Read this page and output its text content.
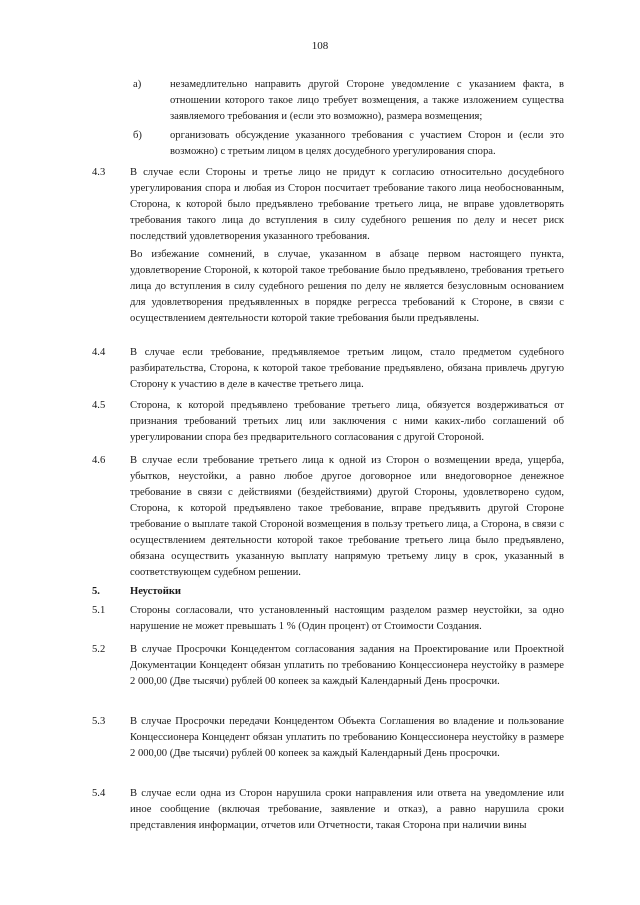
108
а)	незамедлительно направить другой Стороне уведомление с указанием факта, в отношении которого такое лицо требует возмещения, а также изложением существа заявляемого требования и (если это возможно), размера возмещения;
б)	организовать обсуждение указанного требования с участием Сторон и (если это возможно) с третьим лицом в целях досудебного урегулирования спора.
4.3 В случае если Стороны и третье лицо не придут к согласию относительно досудебного урегулирования спора и любая из Сторон посчитает требование такого лица необоснованным, Сторона, к которой было предъявлено требование третьего лица, не вправе удовлетворять требования такого лица до вступления в силу судебного решения по делу и несет риск последствий удовлетворения указанного требования.
Во избежание сомнений, в случае, указанном в абзаце первом настоящего пункта, удовлетворение Стороной, к которой такое требование было предъявлено, требования третьего лица до вступления в силу судебного решения по делу не является безусловным основанием для удовлетворения предъявленных в порядке регресса требований к Стороне, в связи с осуществлением деятельности которой такие требования были предъявлены.
4.4 В случае если требование, предъявляемое третьим лицом, стало предметом судебного разбирательства, Сторона, к которой такое требование предъявлено, обязана привлечь другую Сторону к участию в деле в качестве третьего лица.
4.5 Сторона, к которой предъявлено требование третьего лица, обязуется воздерживаться от признания требований третьих лиц или заключения с ними каких-либо соглашений об урегулировании спора без предварительного согласования с другой Стороной.
4.6 В случае если требование третьего лица к одной из Сторон о возмещении вреда, ущерба, убытков, неустойки, а равно любое другое договорное или внедоговорное денежное требование в связи с действиями (бездействиями) другой Стороны, удовлетворено судом, Сторона, к которой предъявлено такое требование, вправе предъявить другой Стороне требование о выплате такой Стороной возмещения в пользу третьего лица, а Сторона, в связи с осуществлением деятельности которой такое требование третьего лица было предъявлено, обязана осуществить указанную выплату напрямую третьему лицу в срок, указанный в соответствующем судебном решении.
5.	Неустойки
5.1 Стороны согласовали, что установленный настоящим разделом размер неустойки, за одно нарушение не может превышать 1 % (Один процент) от Стоимости Создания.
5.2 В случае Просрочки Концедентом согласования задания на Проектирование или Проектной Документации Концедент обязан уплатить по требованию Концессионера неустойку в размере 2 000,00 (Две тысячи) рублей 00 копеек за каждый Календарный День просрочки.
5.3 В случае Просрочки передачи Концедентом Объекта Соглашения во владение и пользование Концессионера Концедент обязан уплатить по требованию Концессионера неустойку в размере 2 000,00 (Две тысячи) рублей 00 копеек за каждый Календарный День просрочки.
5.4 В случае если одна из Сторон нарушила сроки направления или ответа на уведомление или иное сообщение (включая требование, заявление и отказ), а равно нарушила сроки представления информации, отчетов или Отчетности, такая Сторона при наличии вины
